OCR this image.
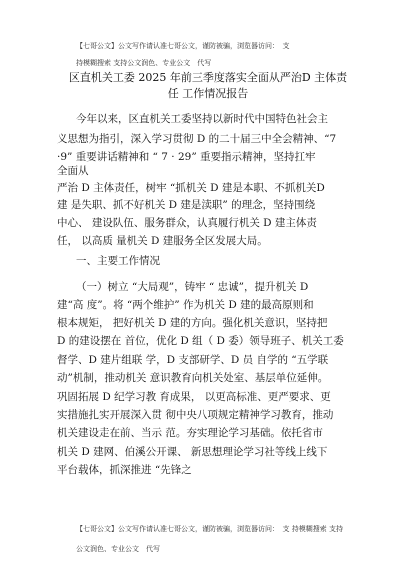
【七哥公文】公文写作请认准七哥公文，谨防被骗，浏览器访问：　支
持模糊搜索 支持公文润色、专业公文　代写
区直机关工委 2025 年前三季度落实全面从严治D 主体责
任 工作情况报告
今年以来，区直机关工委坚持以新时代中国特色社会主
义思想为指引，深入学习贯彻 D 的二十届三中全会精神、“7
·9” 重要讲话精神和 “ 7 · 29” 重要指示精神，坚持扛牢
全面从
严治 D 主体责任，树牢 “抓机关 D 建是本职、不抓机关D
建 是失职、抓不好机关 D 建是渎职” 的理念，坚持围绕
中心、 建设队伍、服务群众，认真履行机关 D 建主体责
任， 以高质 量机关 D 建服务全区发展大局。
一、主要工作情况
（一）树立 “大局观”，铸牢 “ 忠诚”，提升机关 D
建“高 度”。将 “两个维护” 作为机关 D 建的最高原则和
根本规矩， 把好机关 D 建的方向。强化机关意识，坚持把
D 的建设摆在 首位，优化 D 组（ D 委）领导班子、机关工委
督学、D 建片组联 学，D 支部研学、D 员 自学的 “五学联
动”机制，推动机关 意识教育向机关处室、基层单位延伸。
巩固拓展 D 纪学习教 育成果， 以更高标准、更严要求、更
实措施扎实开展深入贯 彻中央八项规定精神学习教育，推动
机关建设走在前、当示 范。夯实理论学习基础。依托省市
机关 D 建网、伯溪公开课、 新思想理论学习社等线上线下
平台载体，抓深推进 “先锋之
【七哥公文】公文写作请认准七哥公文，谨防被骗，浏览器访问：　支 持模糊搜索 支持
公文润色、专业公文　代写
